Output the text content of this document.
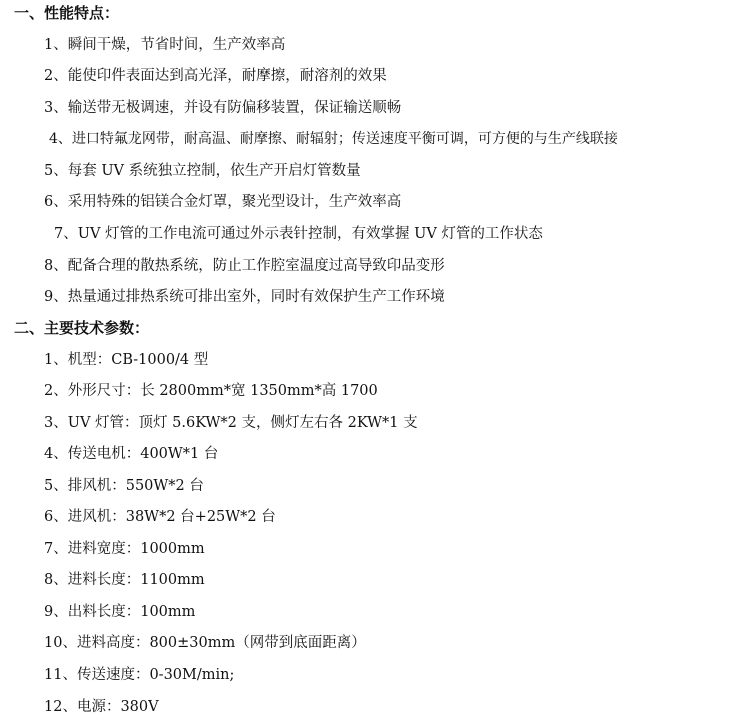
一、性能特点：
1、瞬间干燥，节省时间，生产效率高
2、能使印件表面达到高光泽，耐摩擦，耐溶剂的效果
3、输送带无极调速，并设有防偏移装置，保证输送顺畅
4、进口特氟龙网带，耐高温、耐摩擦、耐辐射；传送速度平衡可调，可方便的与生产线联接
5、每套 UV 系统独立控制，依生产开启灯管数量
6、采用特殊的铝镁合金灯罩，聚光型设计，生产效率高
7、UV 灯管的工作电流可通过外示表针控制，有效掌握 UV 灯管的工作状态
8、配备合理的散热系统，防止工作腔室温度过高导致印品变形
9、热量通过排热系统可排出室外，同时有效保护生产工作环境
二、主要技术参数：
1、机型：CB-1000/4 型
2、外形尺寸：长 2800mm*宽 1350mm*高 1700
3、UV 灯管：顶灯 5.6KW*2 支，侧灯左右各 2KW*1 支
4、传送电机：400W*1 台
5、排风机：550W*2 台
6、进风机：38W*2 台+25W*2 台
7、进料宽度：1000mm
8、进料长度：1100mm
9、出料长度：100mm
10、进料高度：800±30mm（网带到底面距离）
11、传送速度：0-30M/min;
12、电源：380V
